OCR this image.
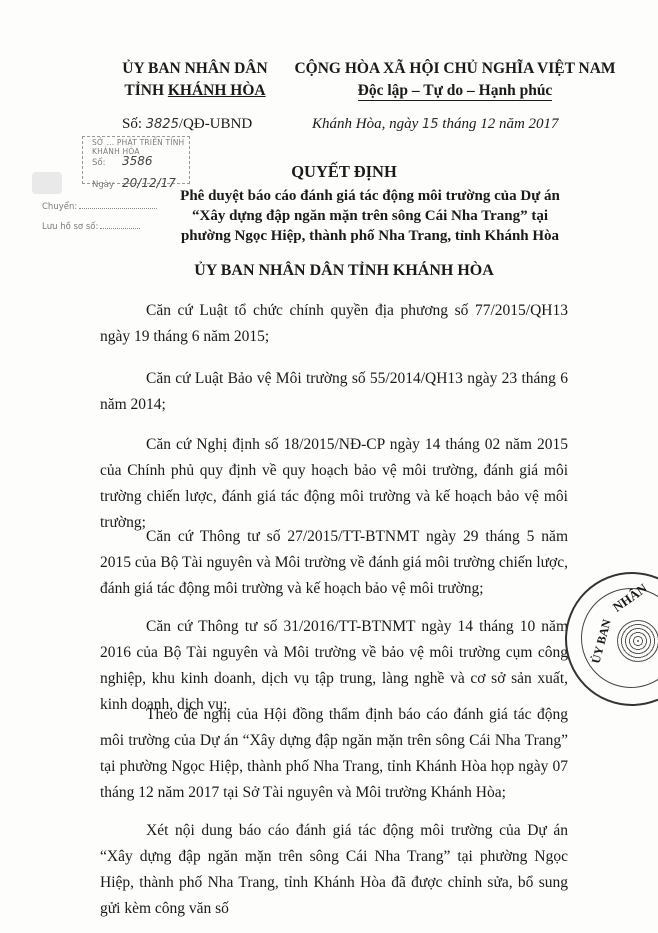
ỦY BAN NHÂN DÂN
TỈNH KHÁNH HÒA
CỘNG HÒA XÃ HỘI CHỦ NGHĨA VIỆT NAM
Độc lập – Tự do – Hạnh phúc
Số: 3825/QĐ-UBND	Khánh Hòa, ngày 15 tháng 12 năm 2017
SỞ ... PHÁT TRIỂN TỈNH KHÁNH HÒA
Số: 3586
Ngày 20/12/17
Chuyển:
Lưu hồ sơ số:
QUYẾT ĐỊNH
Phê duyệt báo cáo đánh giá tác động môi trường của Dự án
“Xây dựng đập ngăn mặn trên sông Cái Nha Trang” tại
phường Ngọc Hiệp, thành phố Nha Trang, tỉnh Khánh Hòa
ỦY BAN NHÂN DÂN TỈNH KHÁNH HÒA
Căn cứ Luật tổ chức chính quyền địa phương số 77/2015/QH13 ngày 19 tháng 6 năm 2015;
Căn cứ Luật Bảo vệ Môi trường số 55/2014/QH13 ngày 23 tháng 6 năm 2014;
Căn cứ Nghị định số 18/2015/NĐ-CP ngày 14 tháng 02 năm 2015 của Chính phủ quy định về quy hoạch bảo vệ môi trường, đánh giá môi trường chiến lược, đánh giá tác động môi trường và kế hoạch bảo vệ môi trường;
Căn cứ Thông tư số 27/2015/TT-BTNMT ngày 29 tháng 5 năm 2015 của Bộ Tài nguyên và Môi trường về đánh giá môi trường chiến lược, đánh giá tác động môi trường và kế hoạch bảo vệ môi trường;
Căn cứ Thông tư số 31/2016/TT-BTNMT ngày 14 tháng 10 năm 2016 của Bộ Tài nguyên và Môi trường về bảo vệ môi trường cụm công nghiệp, khu kinh doanh, dịch vụ tập trung, làng nghề và cơ sở sản xuất, kinh doanh, dịch vụ;
Theo đề nghị của Hội đồng thẩm định báo cáo đánh giá tác động môi trường của Dự án “Xây dựng đập ngăn mặn trên sông Cái Nha Trang” tại phường Ngọc Hiệp, thành phố Nha Trang, tỉnh Khánh Hòa họp ngày 07 tháng 12 năm 2017 tại Sở Tài nguyên và Môi trường Khánh Hòa;
Xét nội dung báo cáo đánh giá tác động môi trường của Dự án “Xây dựng đập ngăn mặn trên sông Cái Nha Trang” tại phường Ngọc Hiệp, thành phố Nha Trang, tỉnh Khánh Hòa đã được chỉnh sửa, bổ sung gửi kèm công văn số
NHÂN
ỦY BAN
